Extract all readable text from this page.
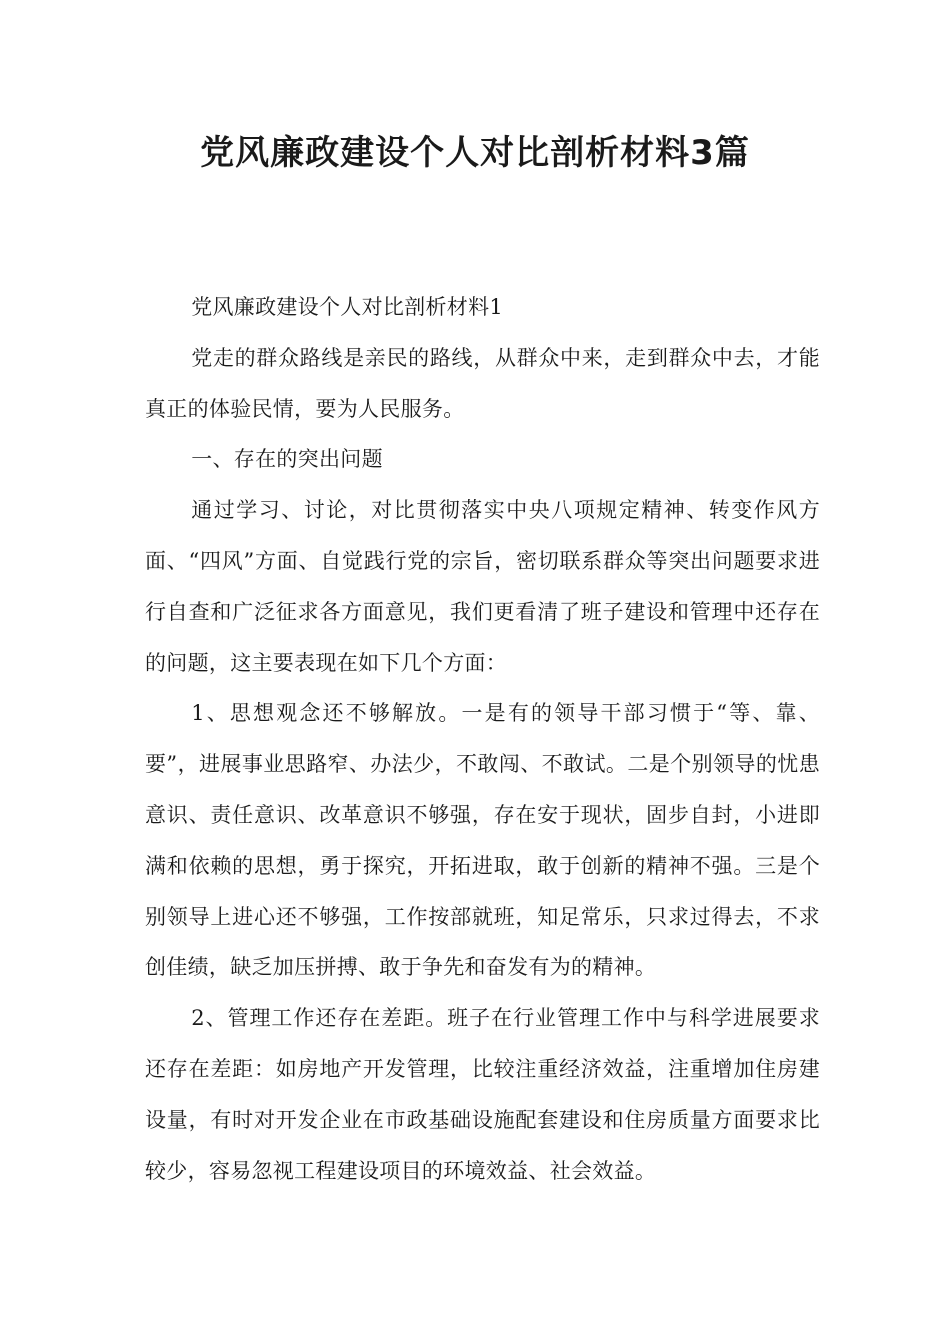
党风廉政建设个人对比剖析材料3篇

党风廉政建设个人对比剖析材料1

党走的群众路线是亲民的路线，从群众中来，走到群众中去，才能真正的体验民情，要为人民服务。

一、存在的突出问题

通过学习、讨论，对比贯彻落实中央八项规定精神、转变作风方面、“四风”方面、自觉践行党的宗旨，密切联系群众等突出问题要求进行自查和广泛征求各方面意见，我们更看清了班子建设和管理中还存在的问题，这主要表现在如下几个方面：

1、思想观念还不够解放。一是有的领导干部习惯于“等、靠、要”，进展事业思路窄、办法少，不敢闯、不敢试。二是个别领导的忧患意识、责任意识、改革意识不够强，存在安于现状，固步自封，小进即满和依赖的思想，勇于探究，开拓进取，敢于创新的精神不强。三是个别领导上进心还不够强，工作按部就班，知足常乐，只求过得去，不求创佳绩，缺乏加压拼搏、敢于争先和奋发有为的精神。

2、管理工作还存在差距。班子在行业管理工作中与科学进展要求还存在差距：如房地产开发管理，比较注重经济效益，注重增加住房建设量，有时对开发企业在市政基础设施配套建设和住房质量方面要求比较少，容易忽视工程建设项目的环境效益、社会效益。
